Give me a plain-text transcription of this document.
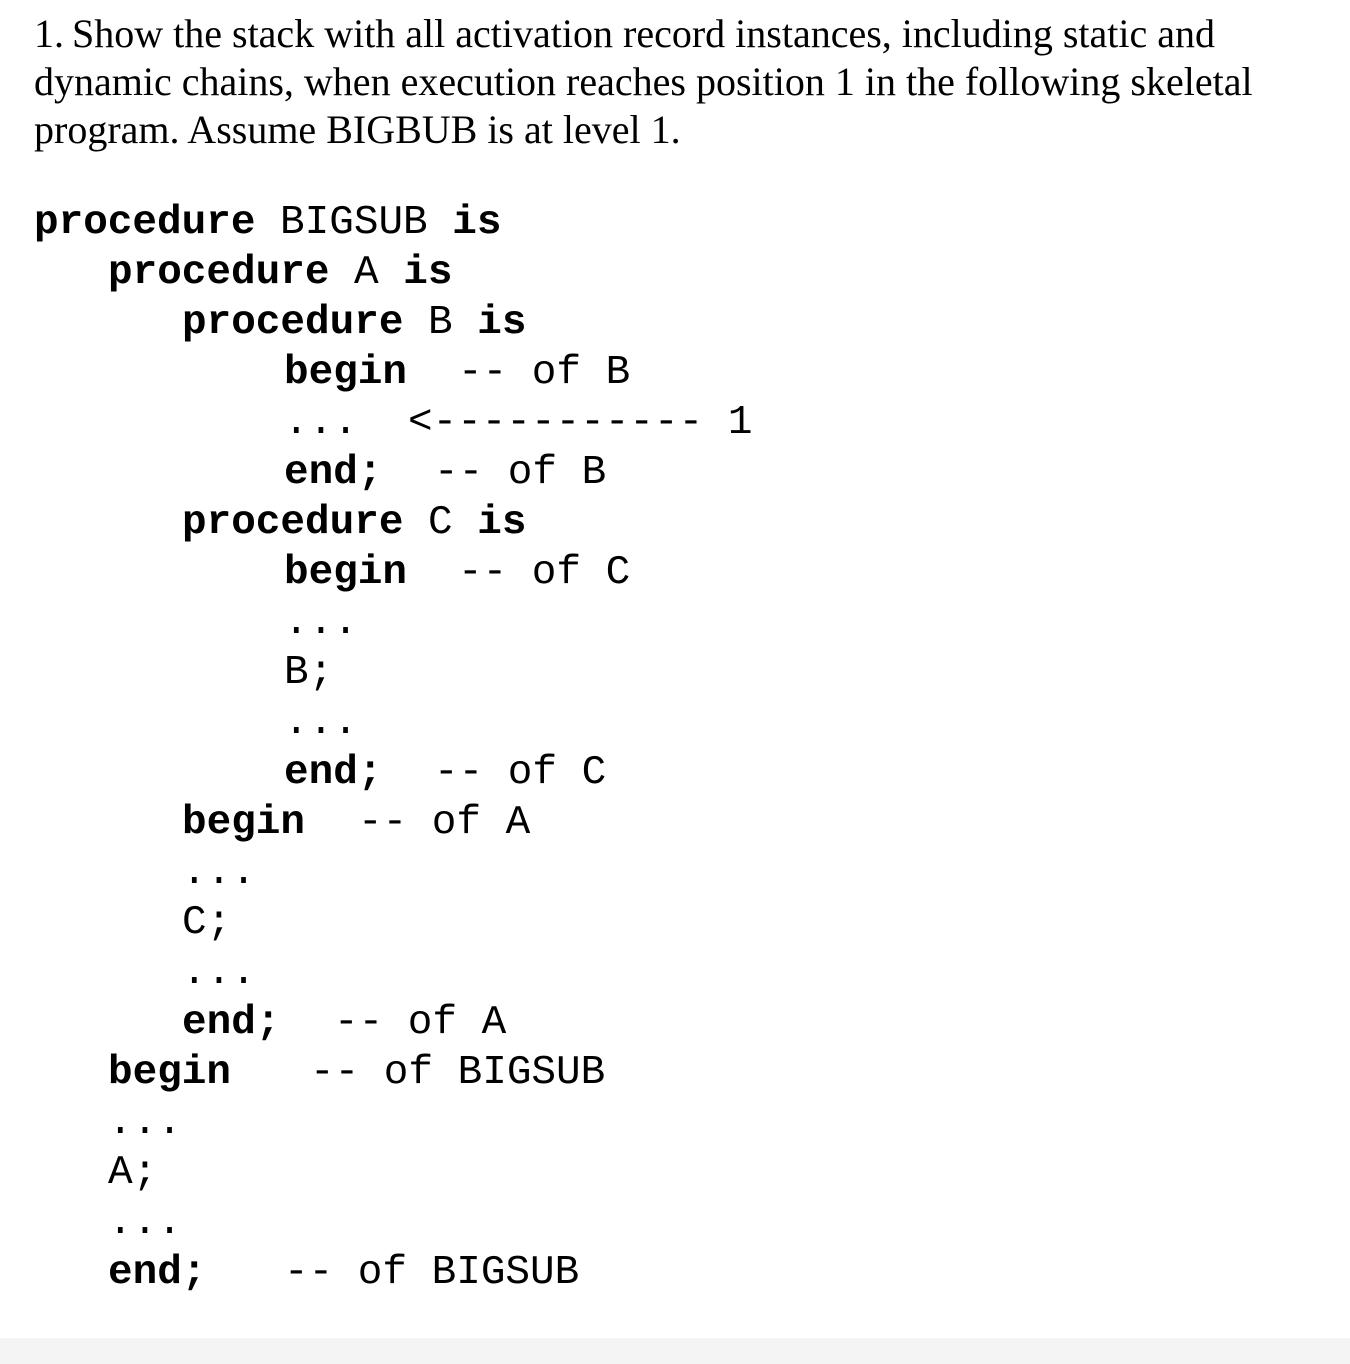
1. Show the stack with all activation record instances, including static and dynamic chains, when execution reaches position 1 in the following skeletal program. Assume BIGBUB is at level 1.

procedure BIGSUB is
procedure A is
procedure B is
begin -- of B
... <----------- 1
end; -- of B
procedure C is
begin -- of C
...
B;
...
end; -- of C
begin -- of A
...
C;
...
end; -- of A
begin -- of BIGSUB
...
A;
...
end; -- of BIGSUB
